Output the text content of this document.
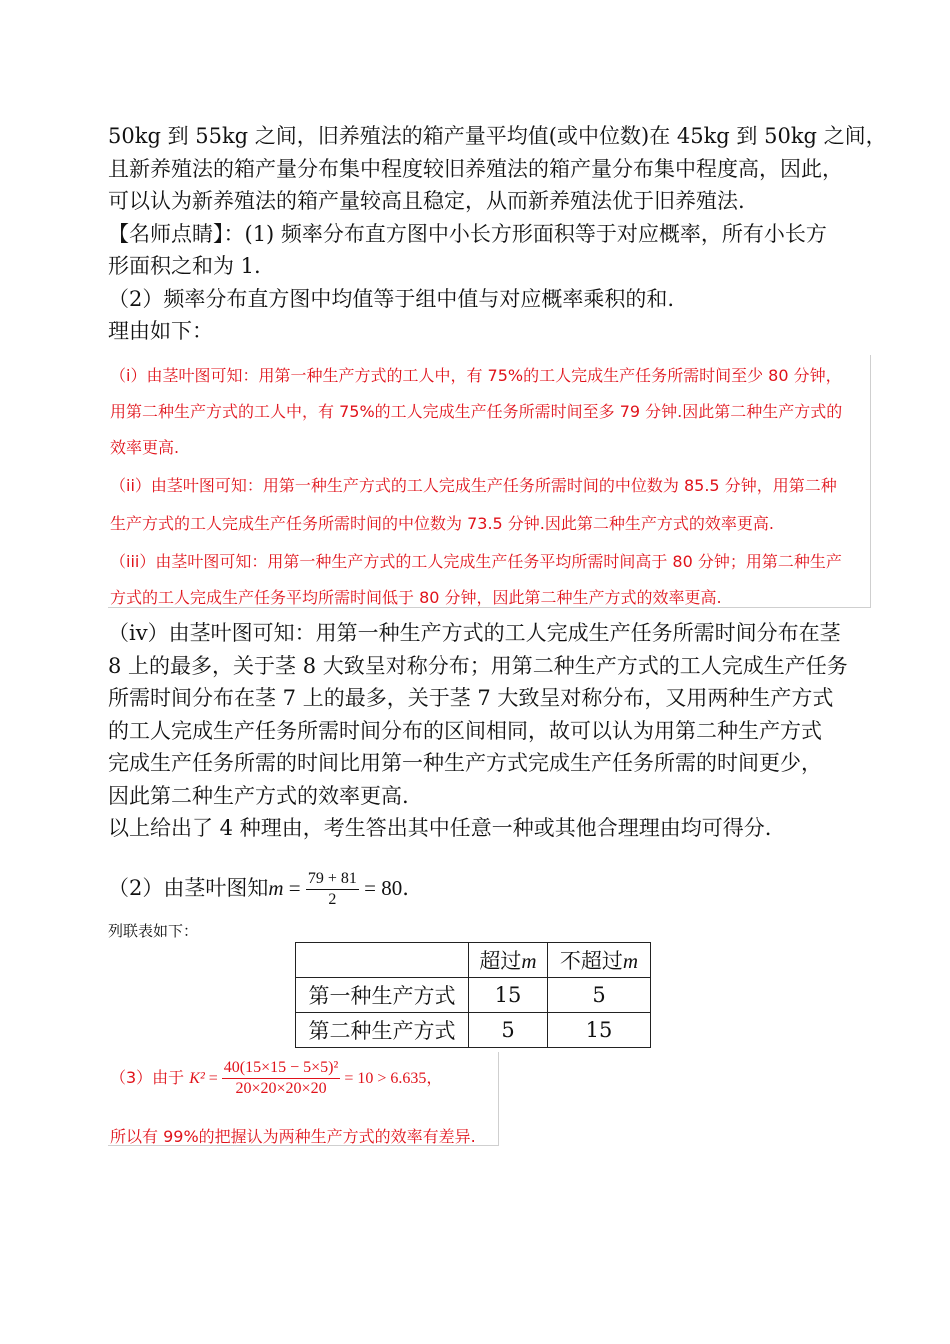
50kg 到 55kg 之间，旧养殖法的箱产量平均值(或中位数)在 45kg 到 50kg 之间，
且新养殖法的箱产量分布集中程度较旧养殖法的箱产量分布集中程度高，因此，
可以认为新养殖法的箱产量较高且稳定，从而新养殖法优于旧养殖法.
【名师点睛】：(1) 频率分布直方图中小长方形面积等于对应概率，所有小长方
形面积之和为 1.
（2）频率分布直方图中均值等于组中值与对应概率乘积的和.
理由如下：
（i）由茎叶图可知：用第一种生产方式的工人中，有 75%的工人完成生产任务所需时间至少 80 分钟，
用第二种生产方式的工人中，有 75%的工人完成生产任务所需时间至多 79 分钟.因此第二种生产方式的
效率更高.
（ii）由茎叶图可知：用第一种生产方式的工人完成生产任务所需时间的中位数为 85.5 分钟，用第二种
生产方式的工人完成生产任务所需时间的中位数为 73.5 分钟.因此第二种生产方式的效率更高.
（iii）由茎叶图可知：用第一种生产方式的工人完成生产任务平均所需时间高于 80 分钟；用第二种生产
方式的工人完成生产任务平均所需时间低于 80 分钟，因此第二种生产方式的效率更高.
（iv）由茎叶图可知：用第一种生产方式的工人完成生产任务所需时间分布在茎
8 上的最多，关于茎 8 大致呈对称分布；用第二种生产方式的工人完成生产任务
所需时间分布在茎 7 上的最多，关于茎 7 大致呈对称分布，又用两种生产方式
的工人完成生产任务所需时间分布的区间相同，故可以认为用第二种生产方式
完成生产任务所需的时间比用第一种生产方式完成生产任务所需的时间更少，
因此第二种生产方式的效率更高.
以上给出了 4 种理由，考生答出其中任意一种或其他合理理由均可得分.
（2）由茎叶图知$m = \frac{79 + 81}{2} = 80$.
列联表如下：
	超过m	不超过m
第一种生产方式	15	5
第二种生产方式	5	15
（3）由于 $K^2 = \frac{\text{40(15×15 − 5×5)²}}{20\times 20\times 20\times 20} = 10 > 6.635$，
所以有 99%的把握认为两种生产方式的效率有差异.
